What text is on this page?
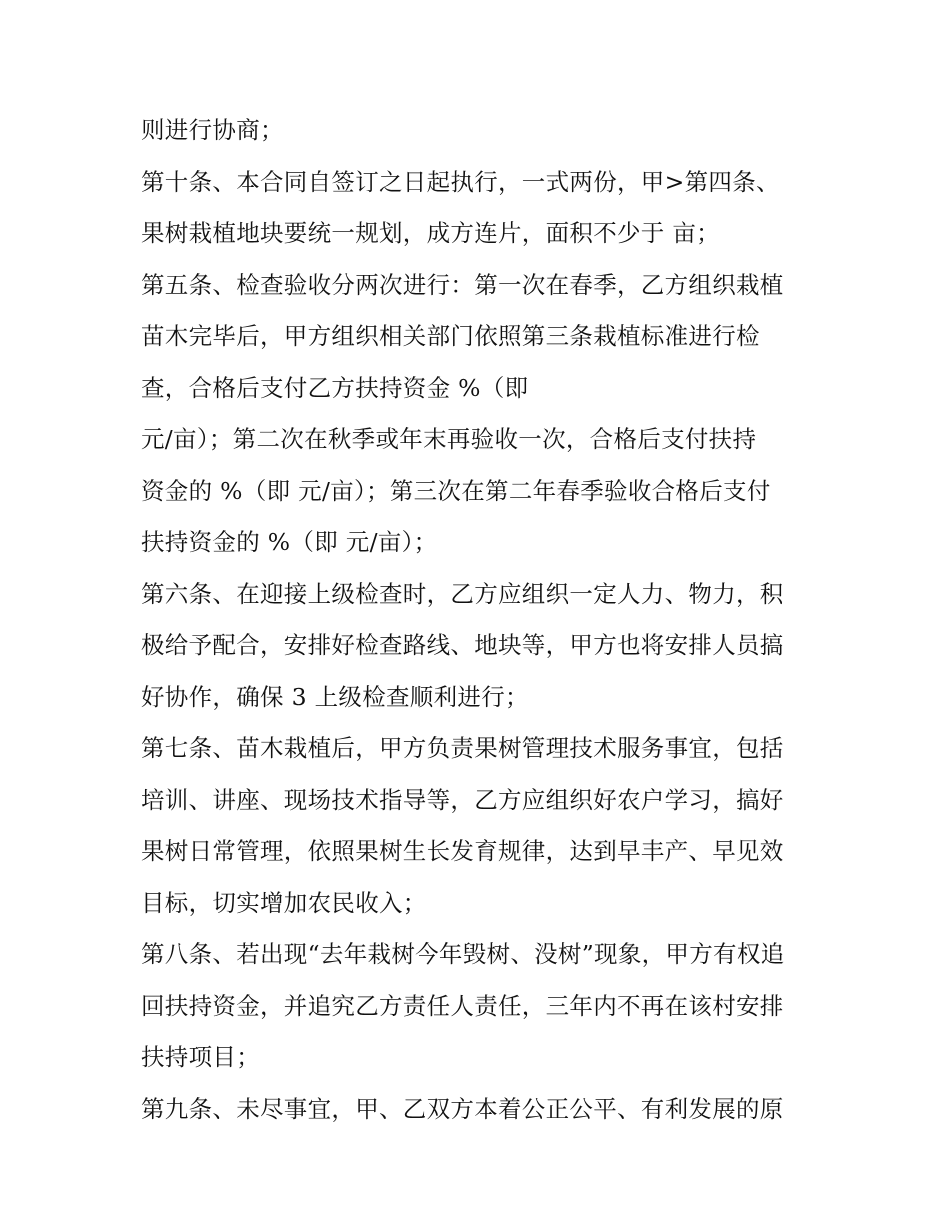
则进行协商；
第十条、本合同自签订之日起执行，一式两份，甲>第四条、
果树栽植地块要统一规划，成方连片，面积不少于 亩；
第五条、检查验收分两次进行：第一次在春季，乙方组织栽植
苗木完毕后，甲方组织相关部门依照第三条栽植标准进行检
查，合格后支付乙方扶持资金 %（即
元/亩）；第二次在秋季或年末再验收一次，合格后支付扶持
资金的 %（即 元/亩）；第三次在第二年春季验收合格后支付
扶持资金的 %（即 元/亩）；
第六条、在迎接上级检查时，乙方应组织一定人力、物力，积
极给予配合，安排好检查路线、地块等，甲方也将安排人员搞
好协作，确保 3 上级检查顺利进行；
第七条、苗木栽植后，甲方负责果树管理技术服务事宜，包括
培训、讲座、现场技术指导等，乙方应组织好农户学习，搞好
果树日常管理，依照果树生长发育规律，达到早丰产、早见效
目标，切实增加农民收入；
第八条、若出现“去年栽树今年毁树、没树”现象，甲方有权追
回扶持资金，并追究乙方责任人责任，三年内不再在该村安排
扶持项目；
第九条、未尽事宜，甲、乙双方本着公正公平、有利发展的原
